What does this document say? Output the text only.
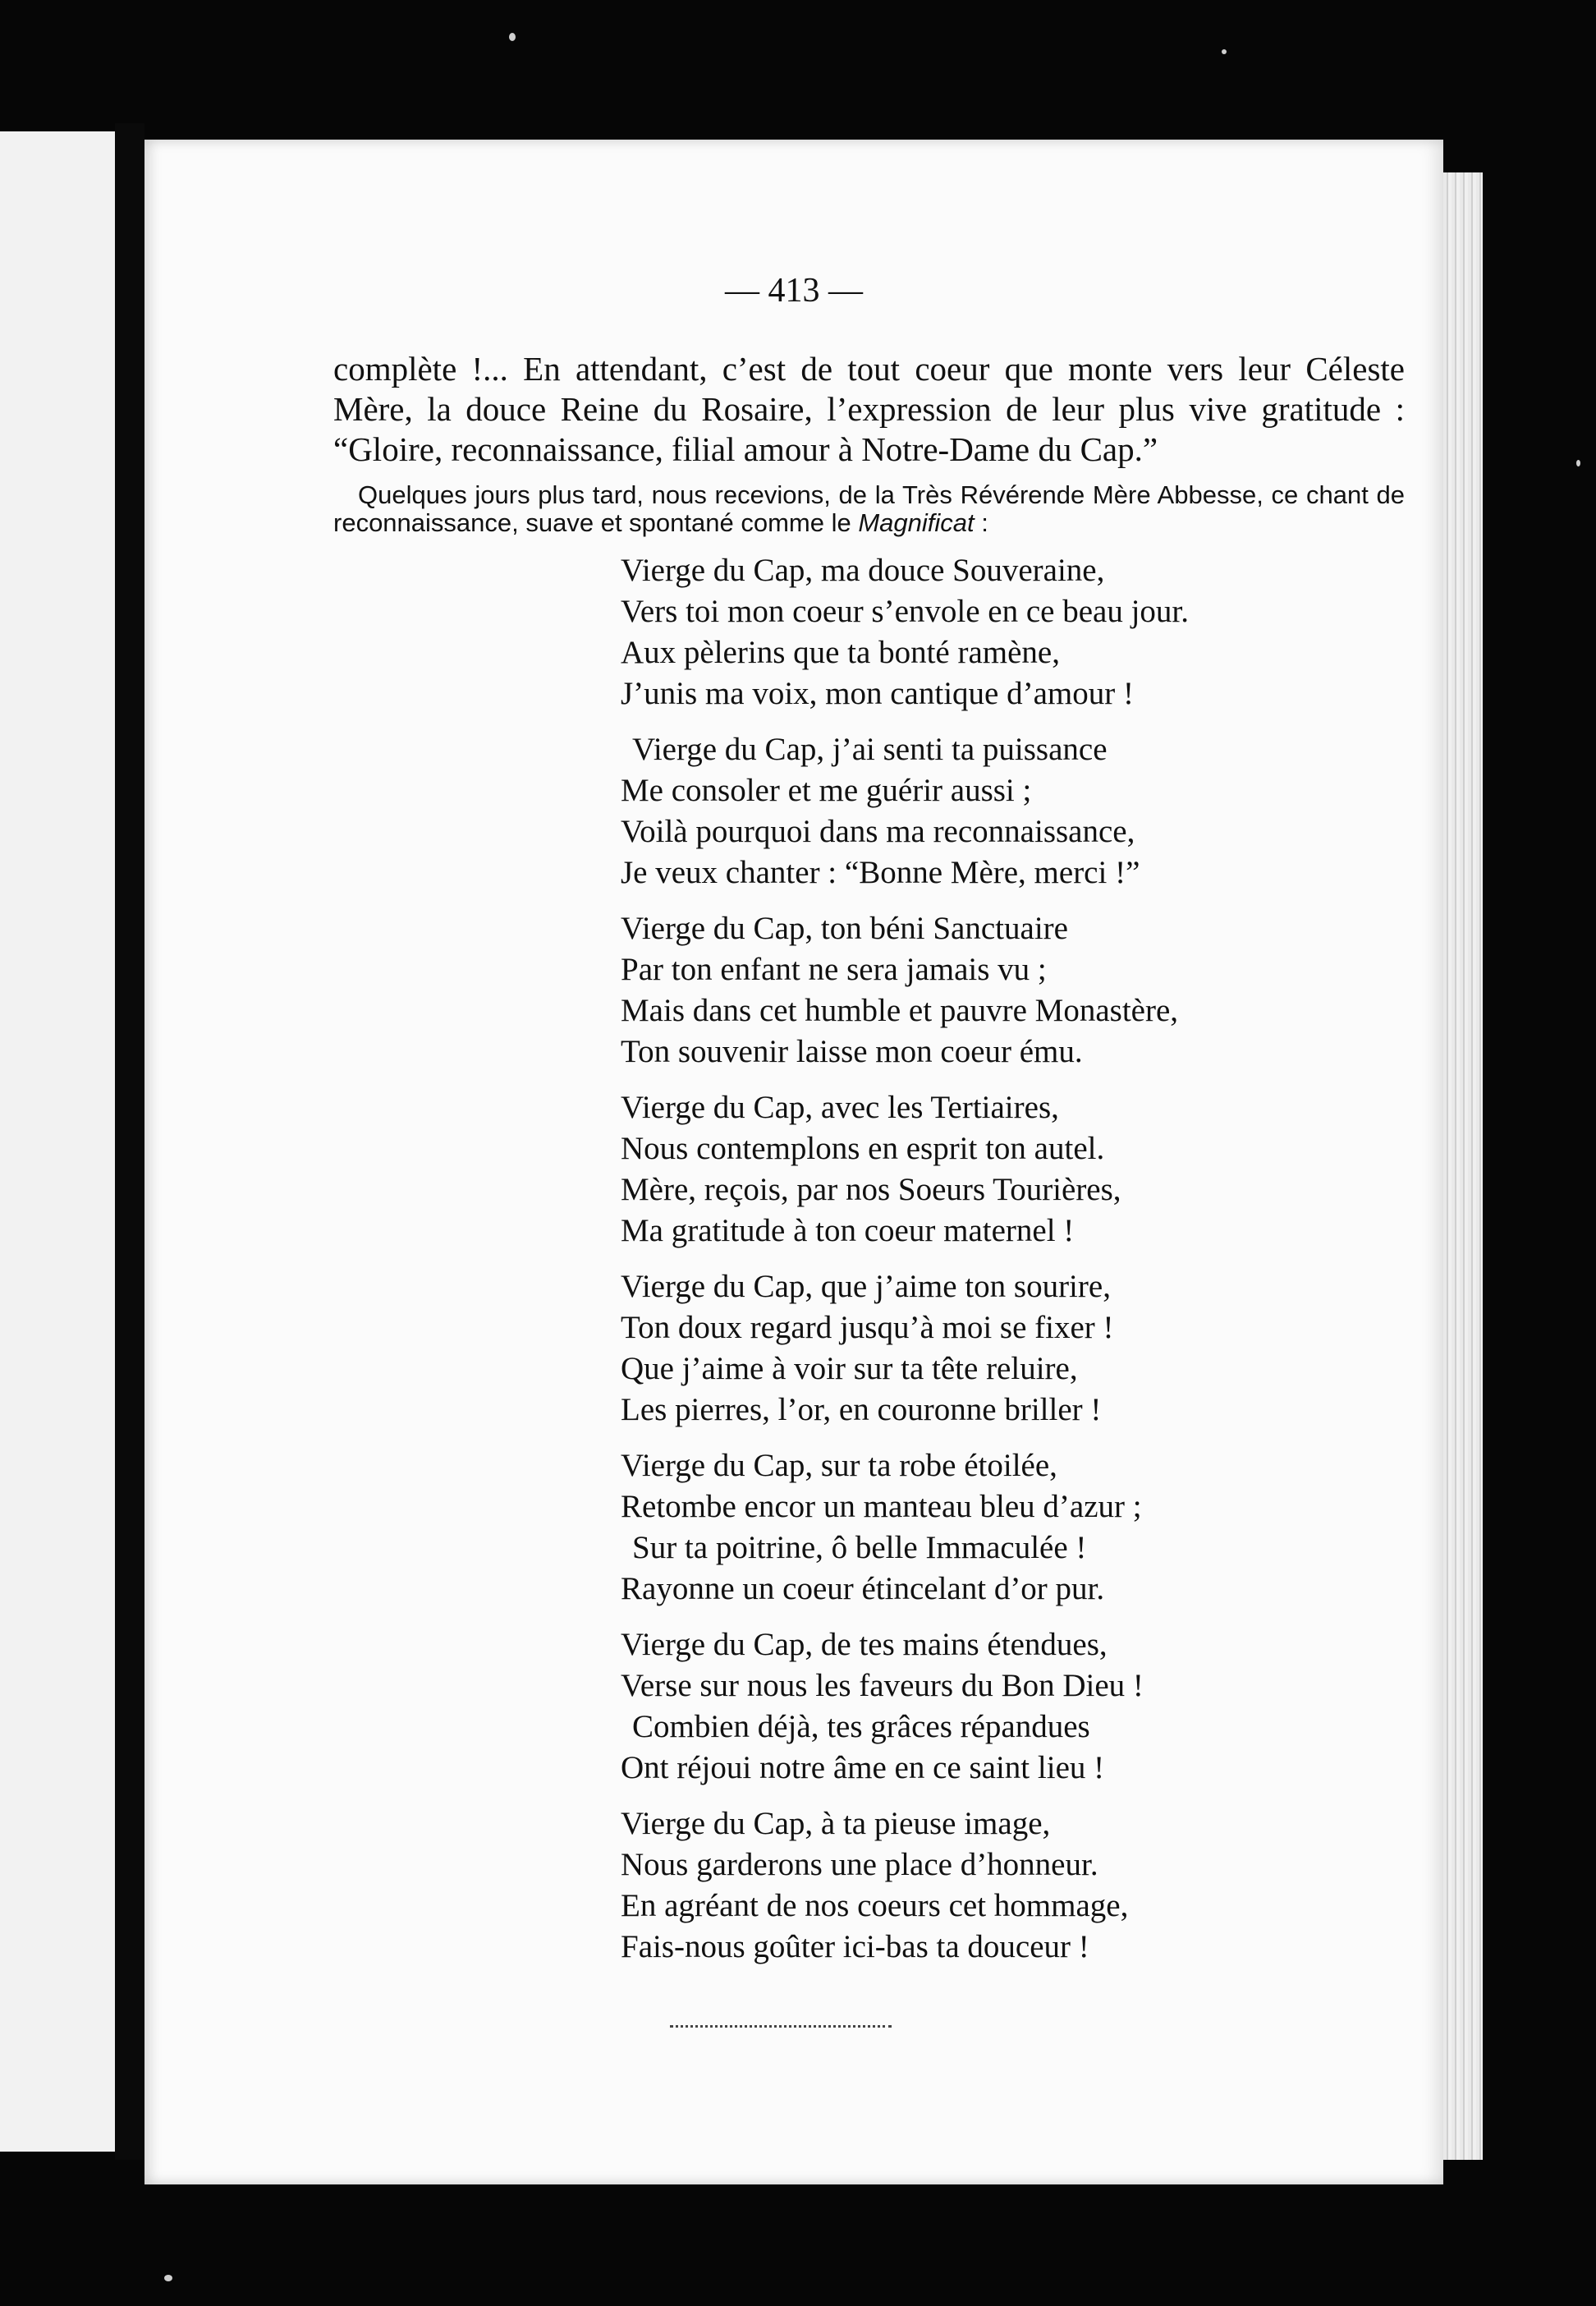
— 413 —

complète !... En attendant, c’est de tout coeur que monte vers leur Céleste Mère, la douce Reine du Rosaire, l’expression de leur plus vive gratitude : “Gloire, reconnaissance, filial amour à Notre-Dame du Cap.”

Quelques jours plus tard, nous recevions, de la Très Révérende Mère Abbesse, ce chant de reconnaissance, suave et spontané comme le Magnificat :

Vierge du Cap, ma douce Souveraine,
Vers toi mon coeur s’envole en ce beau jour.
Aux pèlerins que ta bonté ramène,
J’unis ma voix, mon cantique d’amour !
Vierge du Cap, j’ai senti ta puissance
Me consoler et me guérir aussi ;
Voilà pourquoi dans ma reconnaissance,
Je veux chanter : “Bonne Mère, merci !”
Vierge du Cap, ton béni Sanctuaire
Par ton enfant ne sera jamais vu ;
Mais dans cet humble et pauvre Monastère,
Ton souvenir laisse mon coeur ému.
Vierge du Cap, avec les Tertiaires,
Nous contemplons en esprit ton autel.
Mère, reçois, par nos Soeurs Tourières,
Ma gratitude à ton coeur maternel !
Vierge du Cap, que j’aime ton sourire,
Ton doux regard jusqu’à moi se fixer !
Que j’aime à voir sur ta tête reluire,
Les pierres, l’or, en couronne briller !
Vierge du Cap, sur ta robe étoilée,
Retombe encor un manteau bleu d’azur ;
Sur ta poitrine, ô belle Immaculée !
Rayonne un coeur étincelant d’or pur.
Vierge du Cap, de tes mains étendues,
Verse sur nous les faveurs du Bon Dieu !
Combien déjà, tes grâces répandues
Ont réjoui notre âme en ce saint lieu !
Vierge du Cap, à ta pieuse image,
Nous garderons une place d’honneur.
En agréant de nos coeurs cet hommage,
Fais-nous goûter ici-bas ta douceur !
